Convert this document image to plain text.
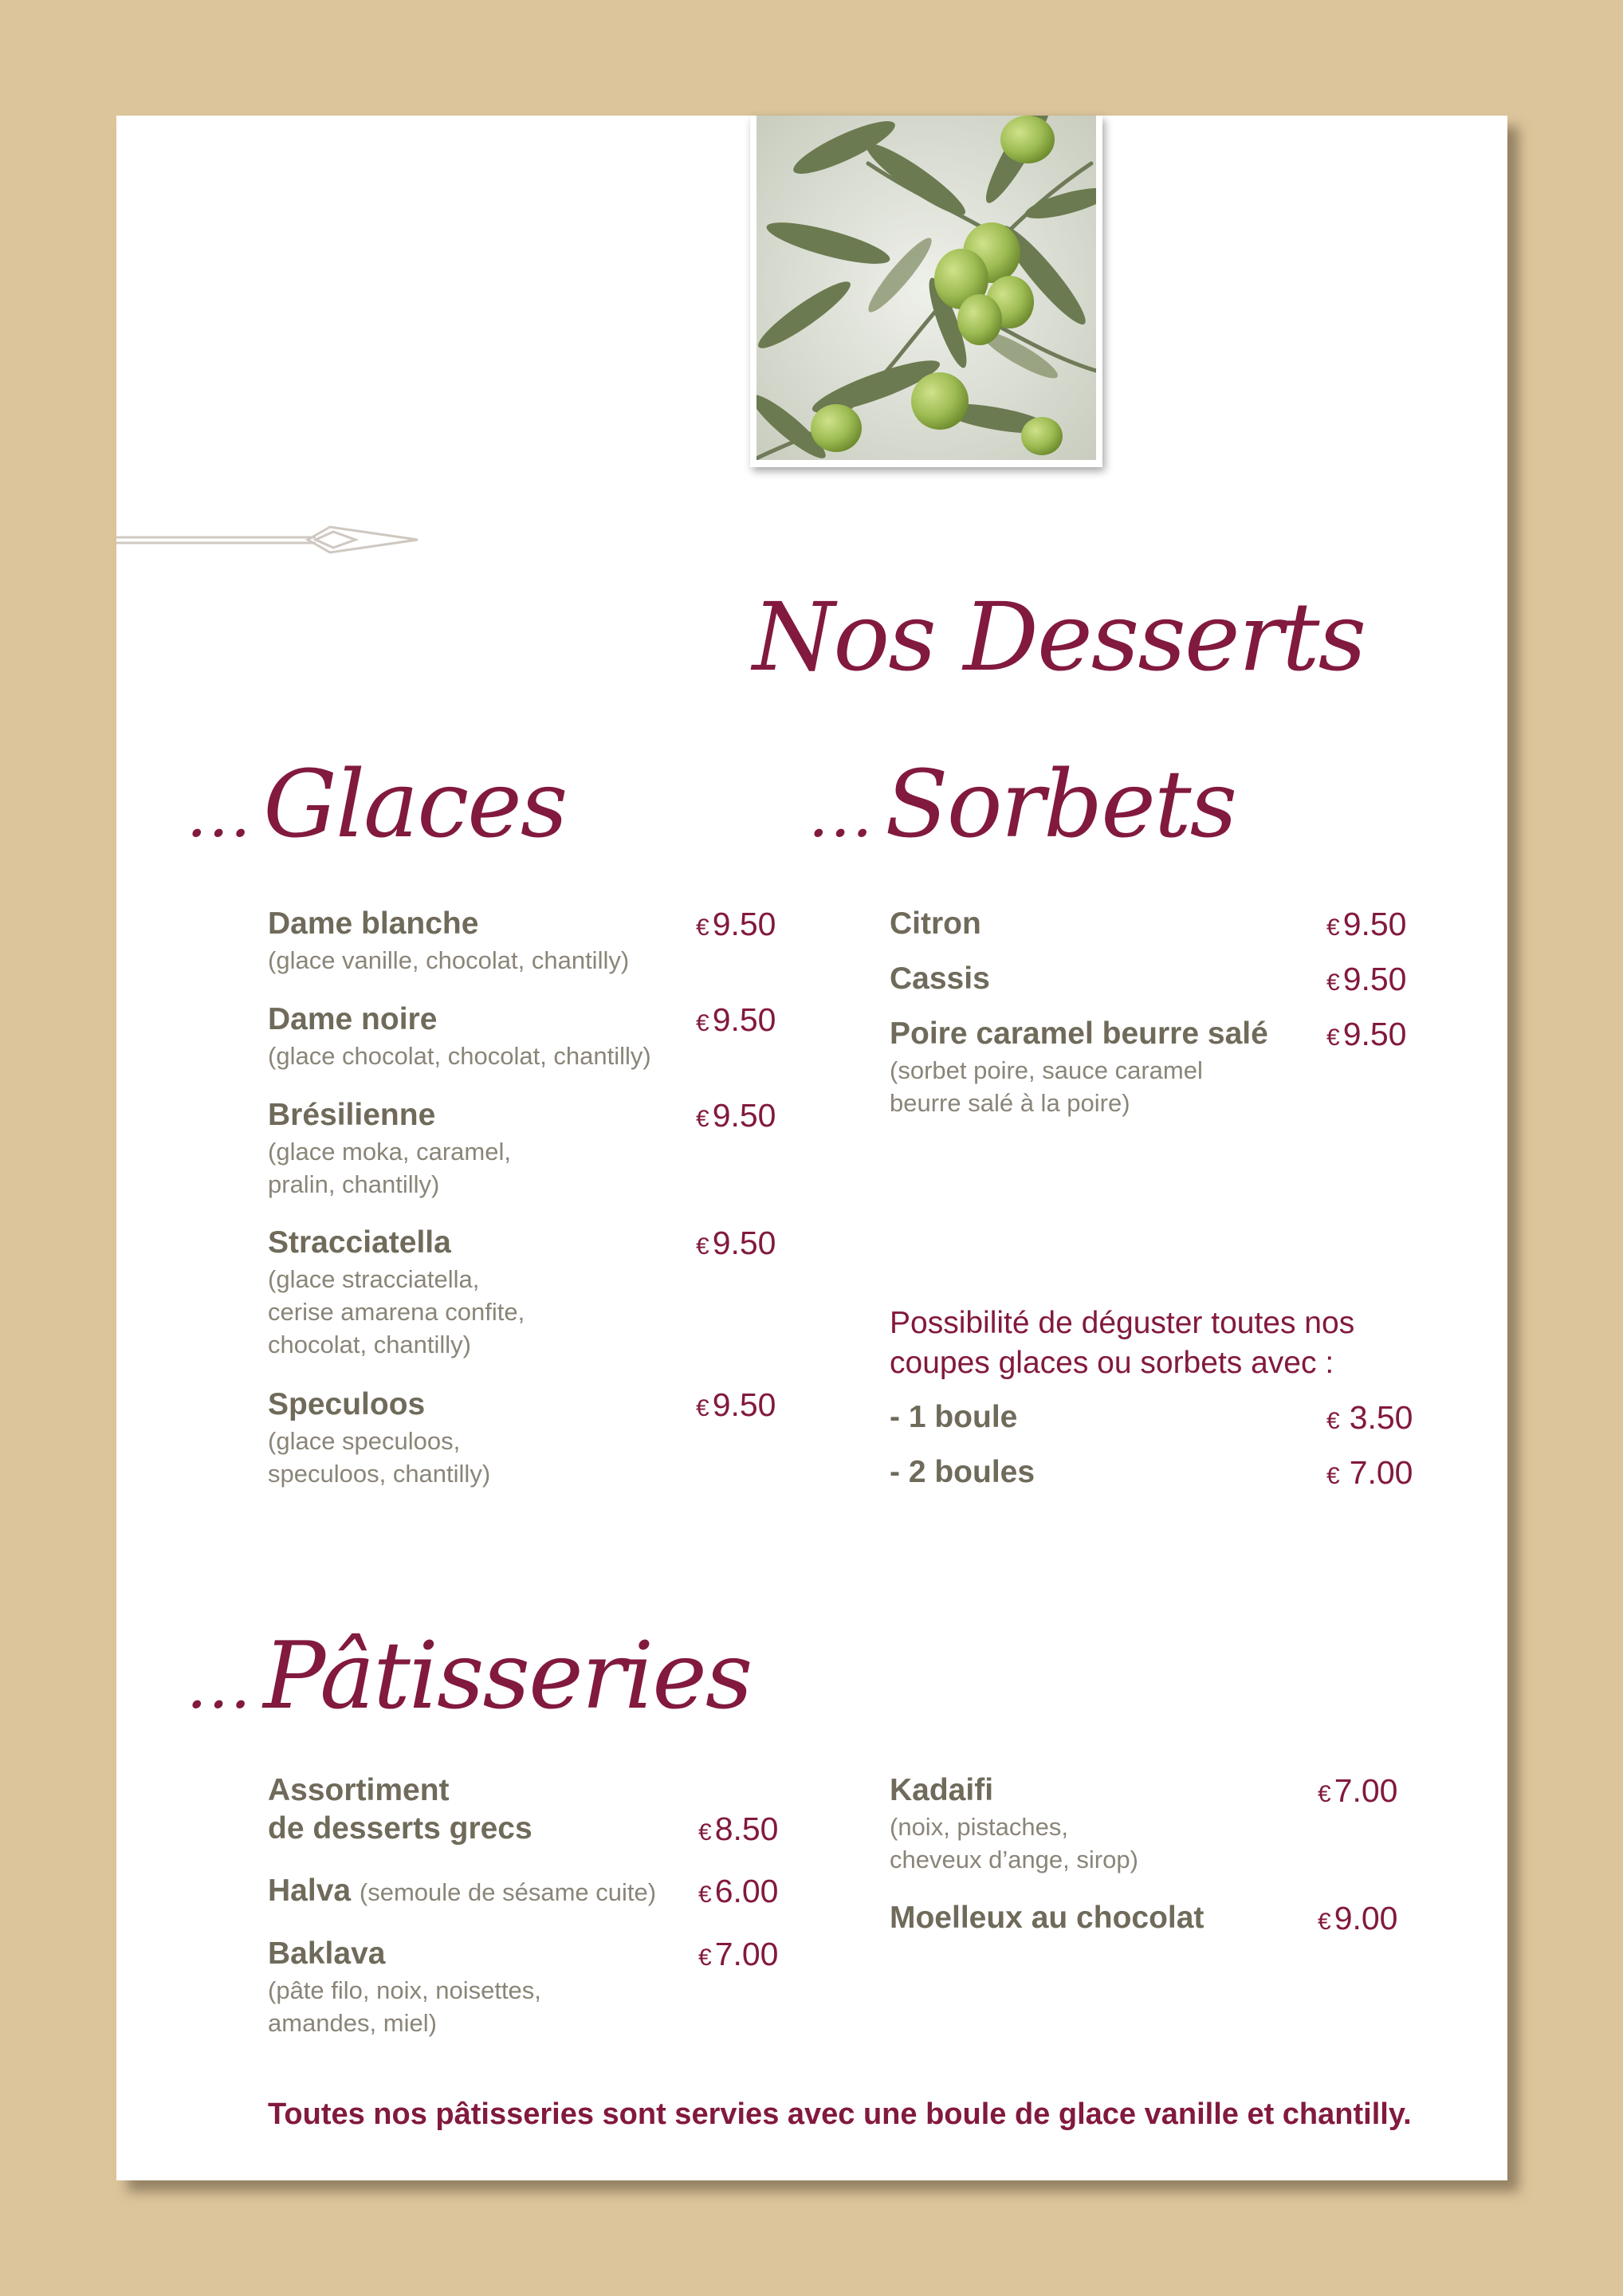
Nos Desserts
... Glaces
Dame blanche	€9.50
(glace vanille, chocolat, chantilly)
Dame noire	€9.50
(glace chocolat, chocolat, chantilly)
Brésilienne	€9.50
(glace moka, caramel,
pralin, chantilly)
Stracciatella	€9.50
(glace stracciatella,
cerise amarena confite,
chocolat, chantilly)
Speculoos	€9.50
(glace speculoos,
speculoos, chantilly)
... Sorbets
Citron	€9.50
Cassis	€9.50
Poire caramel beurre salé €9.50
(sorbet poire, sauce caramel
beurre salé à la poire)
Possibilité de déguster toutes nos
coupes glaces ou sorbets avec :
- 1 boule	€ 3.50
- 2 boules	€ 7.00
... Pâtisseries
Assortiment
de desserts grecs	€8.50
Halva (semoule de sésame cuite) €6.00
Baklava	€7.00
(pâte filo, noix, noisettes,
amandes, miel)
Kadaifi	€7.00
(noix, pistaches,
cheveux d’ange, sirop)
Moelleux au chocolat	€9.00
Toutes nos pâtisseries sont servies avec une boule de glace vanille et chantilly.
